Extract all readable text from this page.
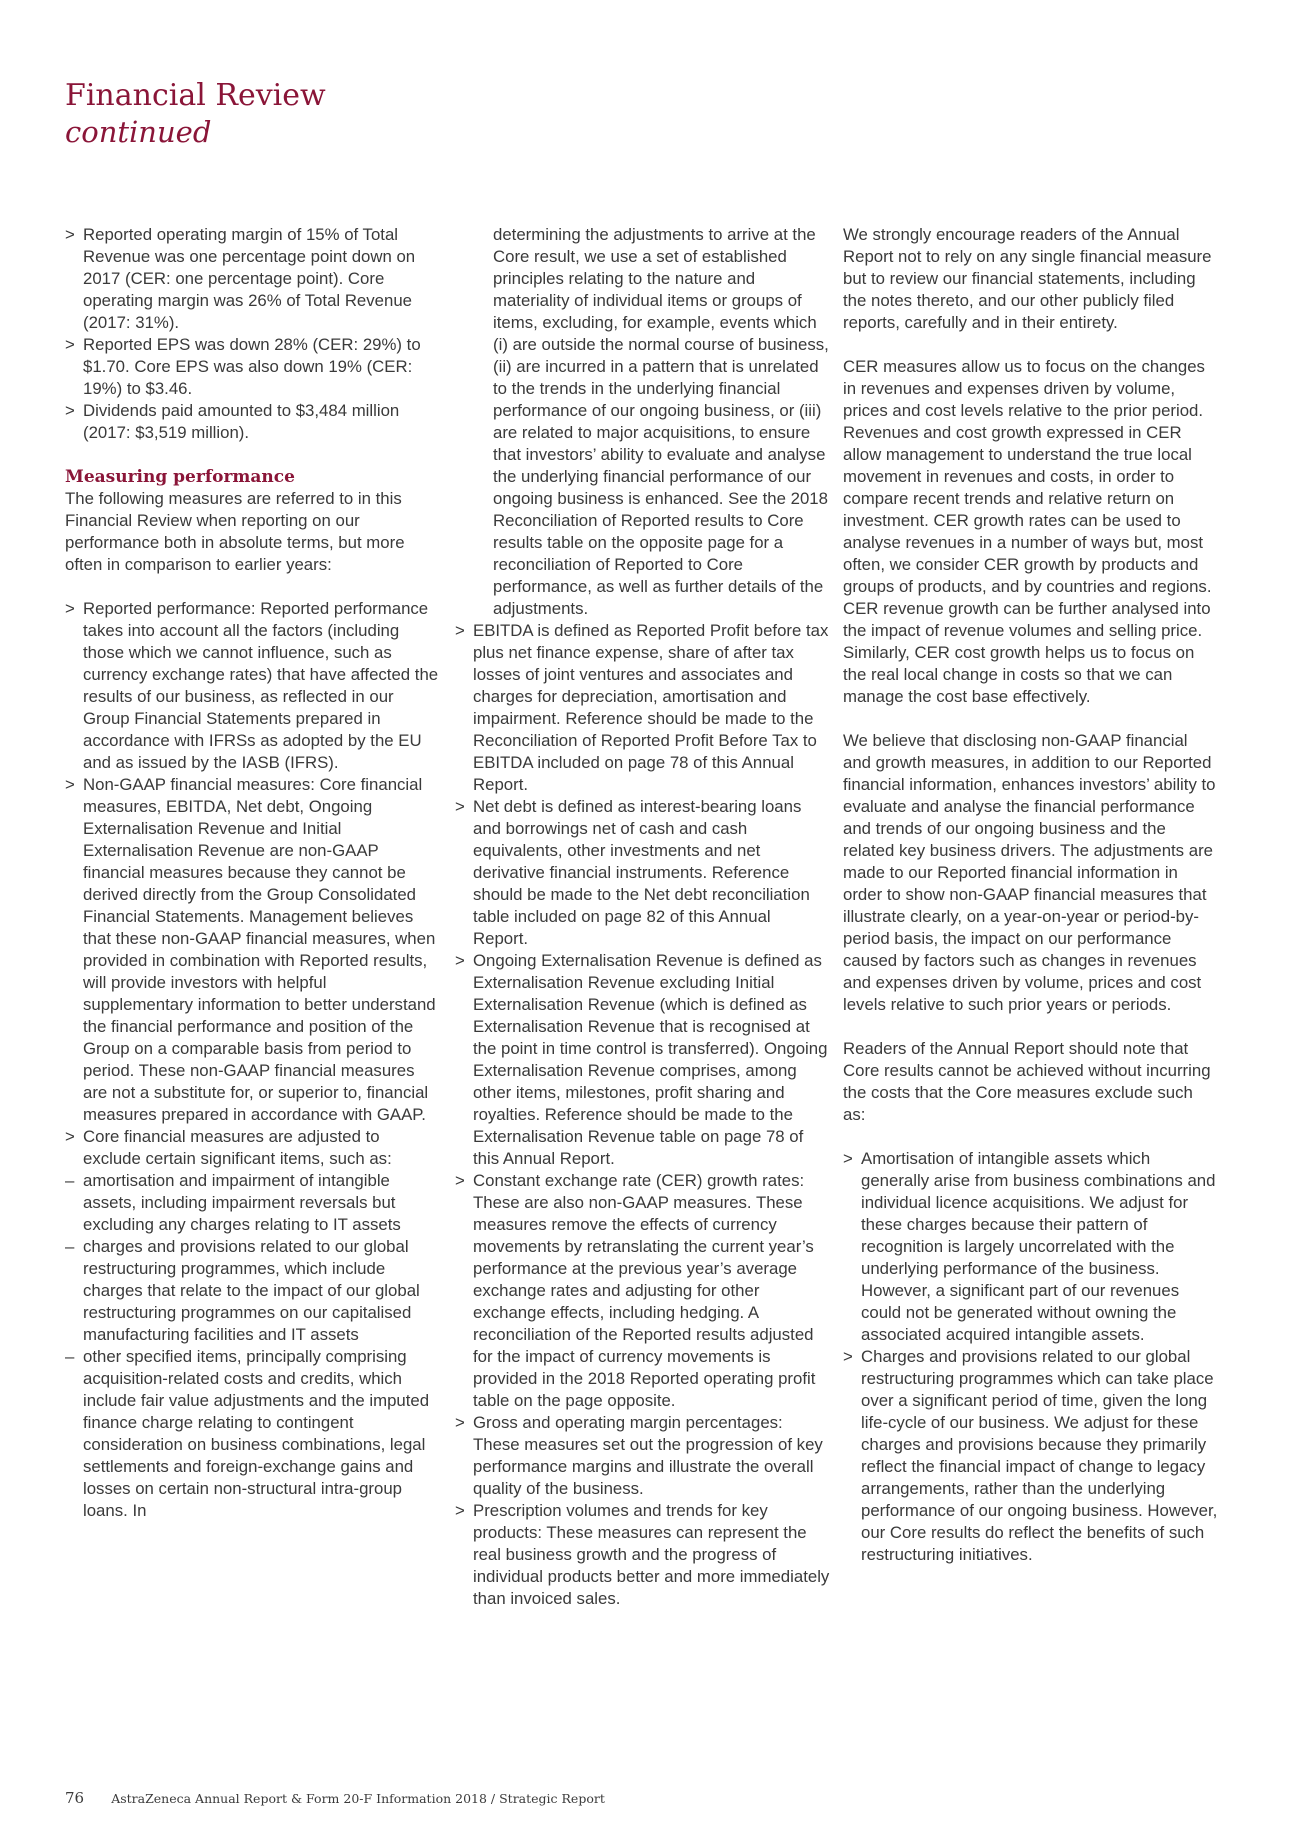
Financial Review

continued

> Reported operating margin of 15% of Total Revenue was one percentage point down on 2017 (CER: one percentage point). Core operating margin was 26% of Total Revenue (2017: 31%).
> Reported EPS was down 28% (CER: 29%) to $1.70. Core EPS was also down 19% (CER: 19%) to $3.46.
> Dividends paid amounted to $3,484 million (2017: $3,519 million).
Measuring performance

The following measures are referred to in this Financial Review when reporting on our performance both in absolute terms, but more often in comparison to earlier years:

> Reported performance: Reported performance takes into account all the factors (including those which we cannot influence, such as currency exchange rates) that have affected the results of our business, as reflected in our Group Financial Statements prepared in accordance with IFRSs as adopted by the EU and as issued by the IASB (IFRS).
> Non-GAAP financial measures: Core financial measures, EBITDA, Net debt, Ongoing Externalisation Revenue and Initial Externalisation Revenue are non-GAAP financial measures because they cannot be derived directly from the Group Consolidated Financial Statements. Management believes that these non-GAAP financial measures, when provided in combination with Reported results, will provide investors with helpful supplementary information to better understand the financial performance and position of the Group on a comparable basis from period to period. These non-GAAP financial measures are not a substitute for, or superior to, financial measures prepared in accordance with GAAP.
> Core financial measures are adjusted to exclude certain significant items, such as:
– amortisation and impairment of intangible assets, including impairment reversals but excluding any charges relating to IT assets
– charges and provisions related to our global restructuring programmes, which include charges that relate to the impact of our global restructuring programmes on our capitalised manufacturing facilities and IT assets
– other specified items, principally comprising acquisition-related costs and credits, which include fair value adjustments and the imputed finance charge relating to contingent consideration on business combinations, legal settlements and foreign-exchange gains and losses on certain non-structural intra-group loans. In

determining the adjustments to arrive at the Core result, we use a set of established principles relating to the nature and materiality of individual items or groups of items, excluding, for example, events which (i) are outside the normal course of business, (ii) are incurred in a pattern that is unrelated to the trends in the underlying financial performance of our ongoing business, or (iii) are related to major acquisitions, to ensure that investors’ ability to evaluate and analyse the underlying financial performance of our ongoing business is enhanced. See the 2018 Reconciliation of Reported results to Core results table on the opposite page for a reconciliation of Reported to Core performance, as well as further details of the adjustments.

> EBITDA is defined as Reported Profit before tax plus net finance expense, share of after tax losses of joint ventures and associates and charges for depreciation, amortisation and impairment. Reference should be made to the Reconciliation of Reported Profit Before Tax to EBITDA included on page 78 of this Annual Report.
> Net debt is defined as interest-bearing loans and borrowings net of cash and cash equivalents, other investments and net derivative financial instruments. Reference should be made to the Net debt reconciliation table included on page 82 of this Annual Report.
> Ongoing Externalisation Revenue is defined as Externalisation Revenue excluding Initial Externalisation Revenue (which is defined as Externalisation Revenue that is recognised at the point in time control is transferred). Ongoing Externalisation Revenue comprises, among other items, milestones, profit sharing and royalties. Reference should be made to the Externalisation Revenue table on page 78 of this Annual Report.
> Constant exchange rate (CER) growth rates: These are also non-GAAP measures. These measures remove the effects of currency movements by retranslating the current year’s performance at the previous year’s average exchange rates and adjusting for other exchange effects, including hedging. A reconciliation of the Reported results adjusted for the impact of currency movements is provided in the 2018 Reported operating profit table on the page opposite.
> Gross and operating margin percentages: These measures set out the progression of key performance margins and illustrate the overall quality of the business.
> Prescription volumes and trends for key products: These measures can represent the real business growth and the progress of individual products better and more immediately than invoiced sales.

We strongly encourage readers of the Annual Report not to rely on any single financial measure but to review our financial statements, including the notes thereto, and our other publicly filed reports, carefully and in their entirety.

CER measures allow us to focus on the changes in revenues and expenses driven by volume, prices and cost levels relative to the prior period. Revenues and cost growth expressed in CER allow management to understand the true local movement in revenues and costs, in order to compare recent trends and relative return on investment. CER growth rates can be used to analyse revenues in a number of ways but, most often, we consider CER growth by products and groups of products, and by countries and regions. CER revenue growth can be further analysed into the impact of revenue volumes and selling price. Similarly, CER cost growth helps us to focus on the real local change in costs so that we can manage the cost base effectively.

We believe that disclosing non-GAAP financial and growth measures, in addition to our Reported financial information, enhances investors’ ability to evaluate and analyse the financial performance and trends of our ongoing business and the related key business drivers. The adjustments are made to our Reported financial information in order to show non-GAAP financial measures that illustrate clearly, on a year-on-year or period-by-period basis, the impact on our performance caused by factors such as changes in revenues and expenses driven by volume, prices and cost levels relative to such prior years or periods.

Readers of the Annual Report should note that Core results cannot be achieved without incurring the costs that the Core measures exclude such as:

> Amortisation of intangible assets which generally arise from business combinations and individual licence acquisitions. We adjust for these charges because their pattern of recognition is largely uncorrelated with the underlying performance of the business. However, a significant part of our revenues could not be generated without owning the associated acquired intangible assets.
> Charges and provisions related to our global restructuring programmes which can take place over a significant period of time, given the long life-cycle of our business. We adjust for these charges and provisions because they primarily reflect the financial impact of change to legacy arrangements, rather than the underlying performance of our ongoing business. However, our Core results do reflect the benefits of such restructuring initiatives.
76 AstraZeneca Annual Report & Form 20-F Information 2018 / Strategic Report
